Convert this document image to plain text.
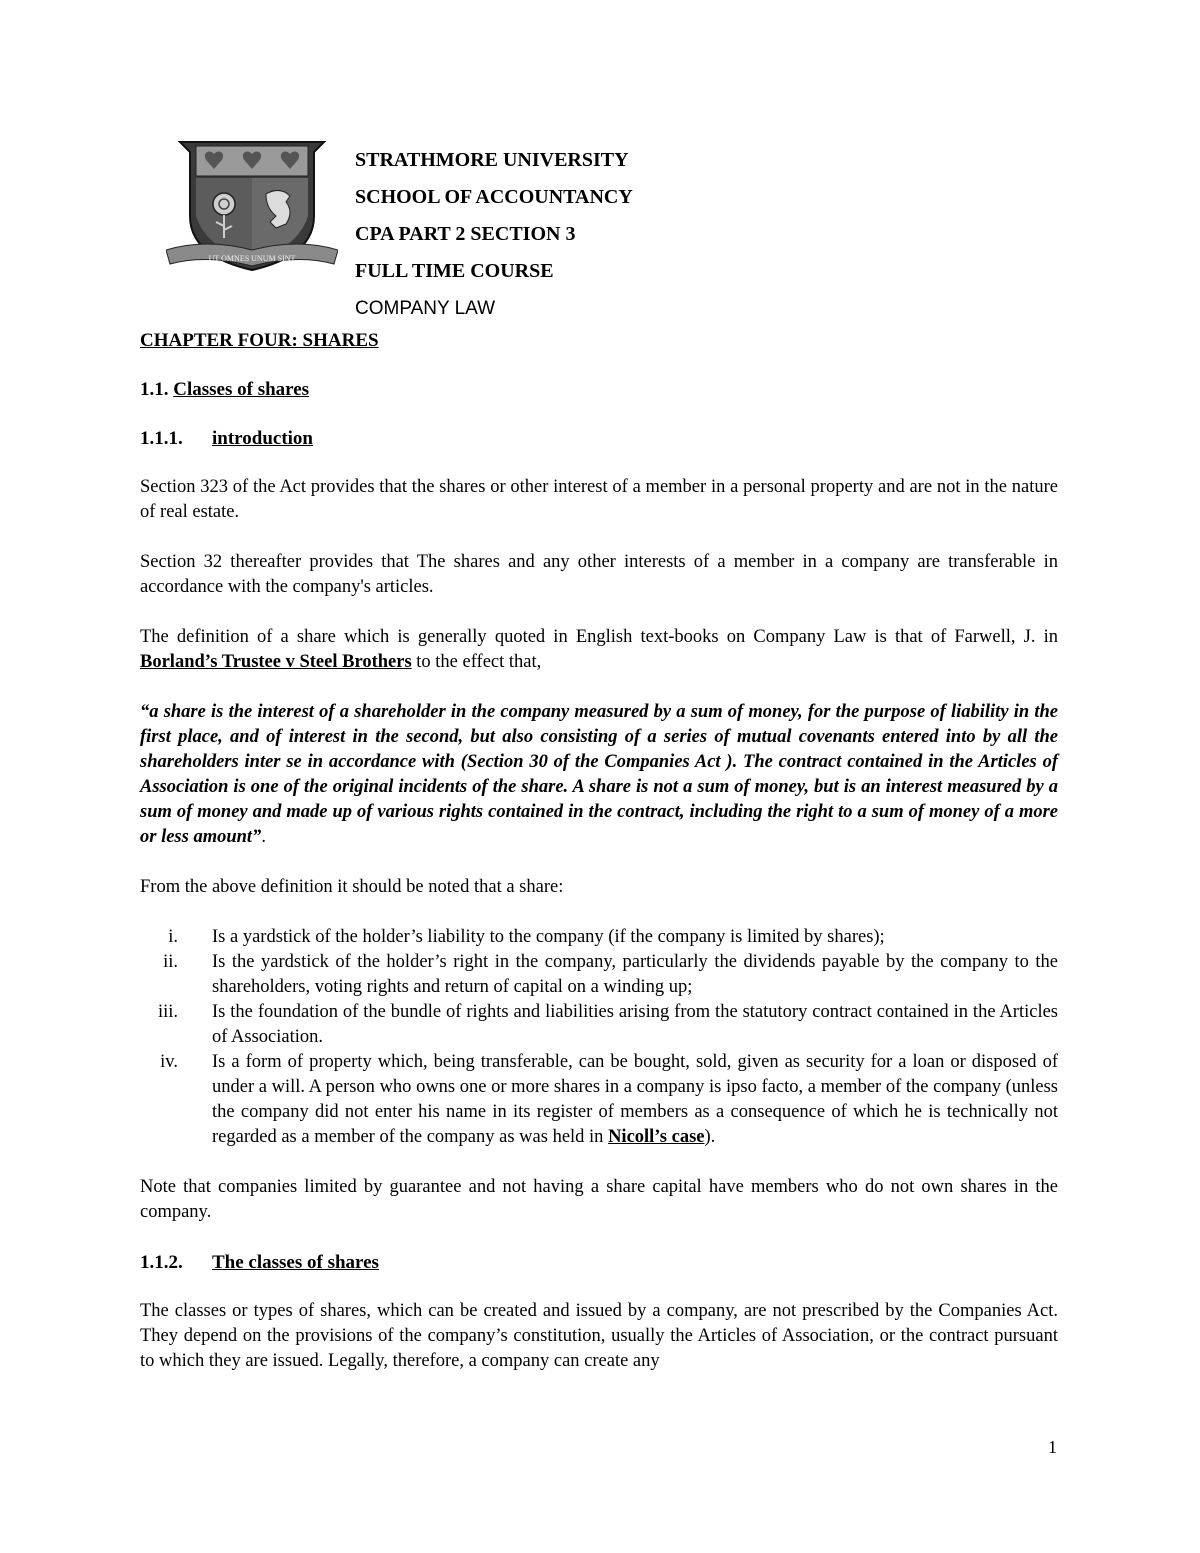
UT OMNES UNUM SINT
STRATHMORE UNIVERSITY
SCHOOL OF ACCOUNTANCY
CPA PART 2 SECTION 3
FULL TIME COURSE
COMPANY LAW
CHAPTER FOUR: SHARES
1.1. Classes of shares
1.1.1. introduction

Section 323 of the Act provides that the shares or other interest of a member in a personal property and are not in the nature of real estate.

Section 32 thereafter provides that The shares and any other interests of a member in a company are transferable in accordance with the company's articles.

The definition of a share which is generally quoted in English text-books on Company Law is that of Farwell, J. in Borland’s Trustee v Steel Brothers to the effect that,

“a share is the interest of a shareholder in the company measured by a sum of money, for the purpose of liability in the first place, and of interest in the second, but also consisting of a series of mutual covenants entered into by all the shareholders inter se in accordance with (Section 30 of the Companies Act ). The contract contained in the Articles of Association is one of the original incidents of the share. A share is not a sum of money, but is an interest measured by a sum of money and made up of various rights contained in the contract, including the right to a sum of money of a more or less amount”.

From the above definition it should be noted that a share:

i. Is a yardstick of the holder’s liability to the company (if the company is limited by shares);
ii. Is the yardstick of the holder’s right in the company, particularly the dividends payable by the company to the shareholders, voting rights and return of capital on a winding up;
iii. Is the foundation of the bundle of rights and liabilities arising from the statutory contract contained in the Articles of Association.
iv. Is a form of property which, being transferable, can be bought, sold, given as security for a loan or disposed of under a will. A person who owns one or more shares in a company is ipso facto, a member of the company (unless the company did not enter his name in its register of members as a consequence of which he is technically not regarded as a member of the company as was held in Nicoll’s case).

Note that companies limited by guarantee and not having a share capital have members who do not own shares in the company.

1.1.2. The classes of shares

The classes or types of shares, which can be created and issued by a company, are not prescribed by the Companies Act. They depend on the provisions of the company’s constitution, usually the Articles of Association, or the contract pursuant to which they are issued. Legally, therefore, a company can create any

1
